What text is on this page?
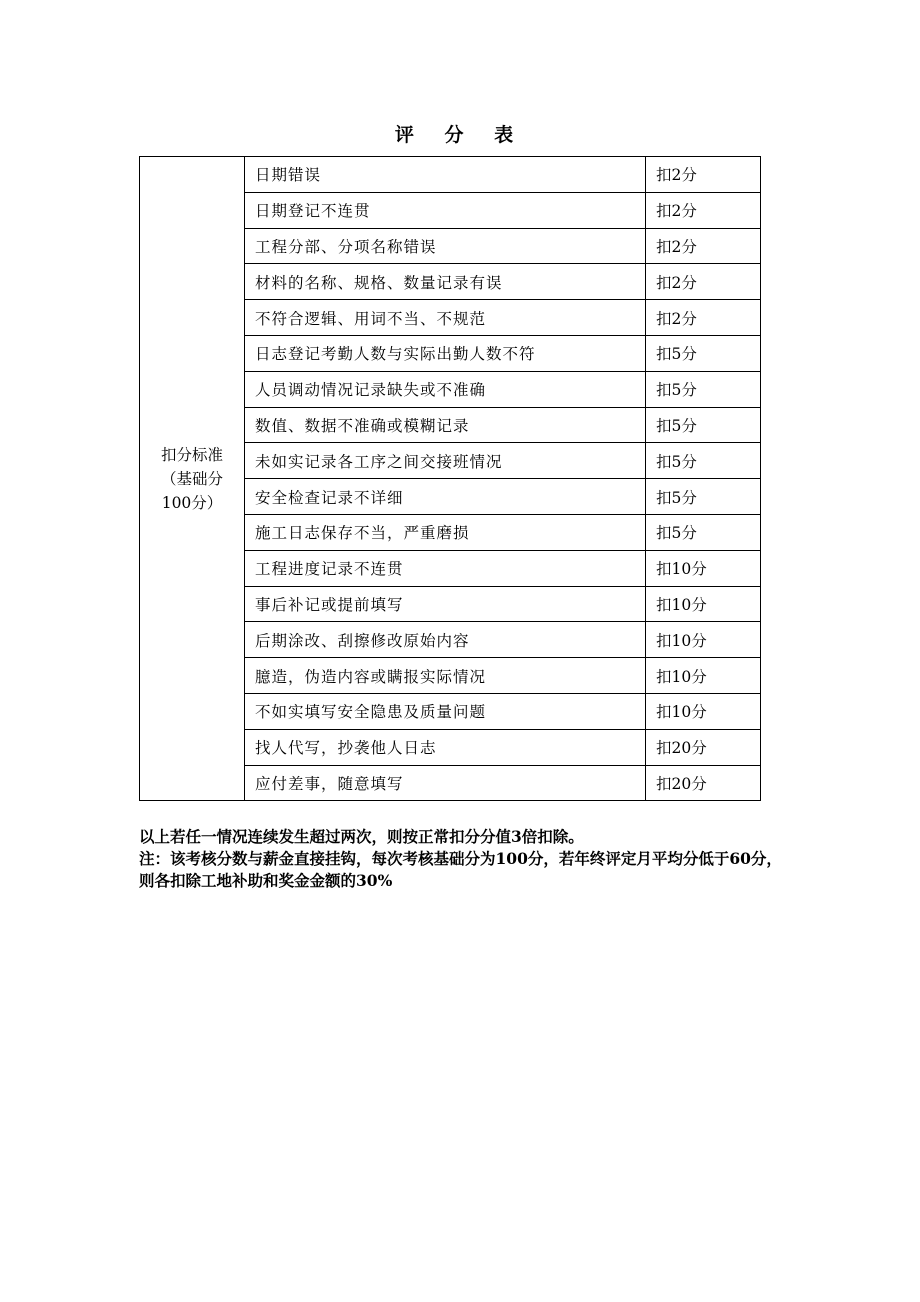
评 分 表
扣分标准（基础分100分）	日期错误	扣2分
	日期登记不连贯	扣2分
	工程分部、分项名称错误	扣2分
	材料的名称、规格、数量记录有误	扣2分
	不符合逻辑、用词不当、不规范	扣2分
	日志登记考勤人数与实际出勤人数不符	扣5分
	人员调动情况记录缺失或不准确	扣5分
	数值、数据不准确或模糊记录	扣5分
	未如实记录各工序之间交接班情况	扣5分
	安全检查记录不详细	扣5分
	施工日志保存不当，严重磨损	扣5分
	工程进度记录不连贯	扣10分
	事后补记或提前填写	扣10分
	后期涂改、刮擦修改原始内容	扣10分
	臆造，伪造内容或瞒报实际情况	扣10分
	不如实填写安全隐患及质量问题	扣10分
	找人代写，抄袭他人日志	扣20分
	应付差事，随意填写	扣20分

以上若任一情况连续发生超过两次，则按正常扣分分值3倍扣除。

注：该考核分数与薪金直接挂钩，每次考核基础分为100分，若年终评定月平均分低于60分，则各扣除工地补助和奖金金额的30%
